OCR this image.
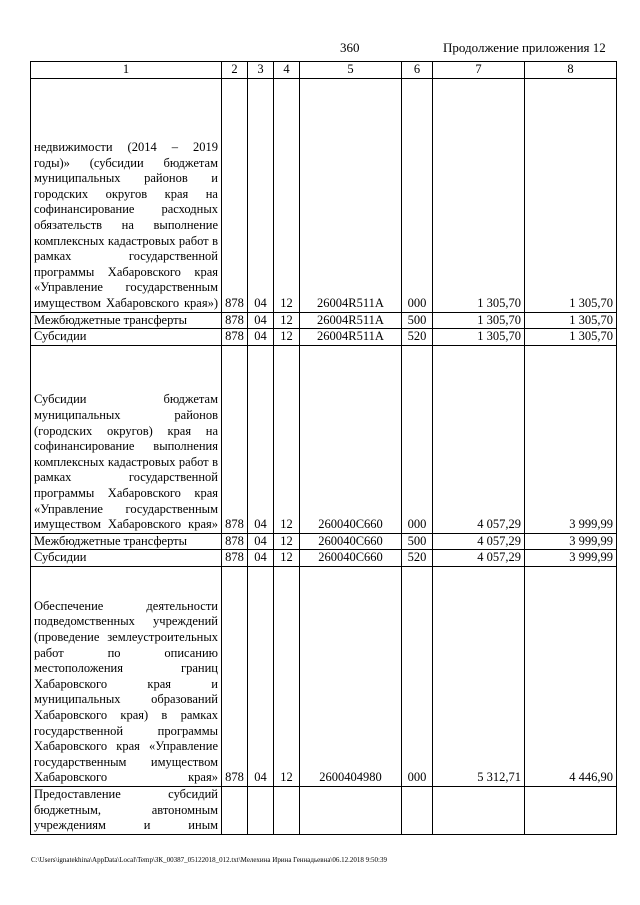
360	Продолжение приложения 12
1	2	3	4	5	6	7	8
недвижимости (2014 – 2019 годы)» (субсидии бюджетам муниципальных районов и городских округов края на софинансирование расходных обязательств на выполнение комплексных кадастровых работ в рамках государственной программы Хабаровского края «Управление государственным имуществом Хабаровского края»)	878	04	12	26004R511A	000	1 305,70	1 305,70
Межбюджетные трансферты	878	04	12	26004R511A	500	1 305,70	1 305,70
Субсидии	878	04	12	26004R511A	520	1 305,70	1 305,70
Субсидии бюджетам муниципальных районов (городских округов) края на софинансирование выполнения комплексных кадастровых работ в рамках государственной программы Хабаровского края «Управление государственным имуществом Хабаровского края»	878	04	12	260040С660	000	4 057,29	3 999,99
Межбюджетные трансферты	878	04	12	260040С660	500	4 057,29	3 999,99
Субсидии	878	04	12	260040С660	520	4 057,29	3 999,99
Обеспечение деятельности подведомственных учреждений (проведение землеустроительных работ по описанию местоположения границ Хабаровского края и муниципальных образований Хабаровского края) в рамках государственной программы Хабаровского края «Управление государственным имуществом Хабаровского края»	878	04	12	2600404980	000	5 312,71	4 446,90
Предоставление субсидий бюджетным, автономным учреждениям и иным							
C:\Users\ignatekhina\AppData\Local\Temp\ЗК_00387_05122018_012.txt\Мелехина Ирина Геннадьевна\06.12.2018 9:50:39
